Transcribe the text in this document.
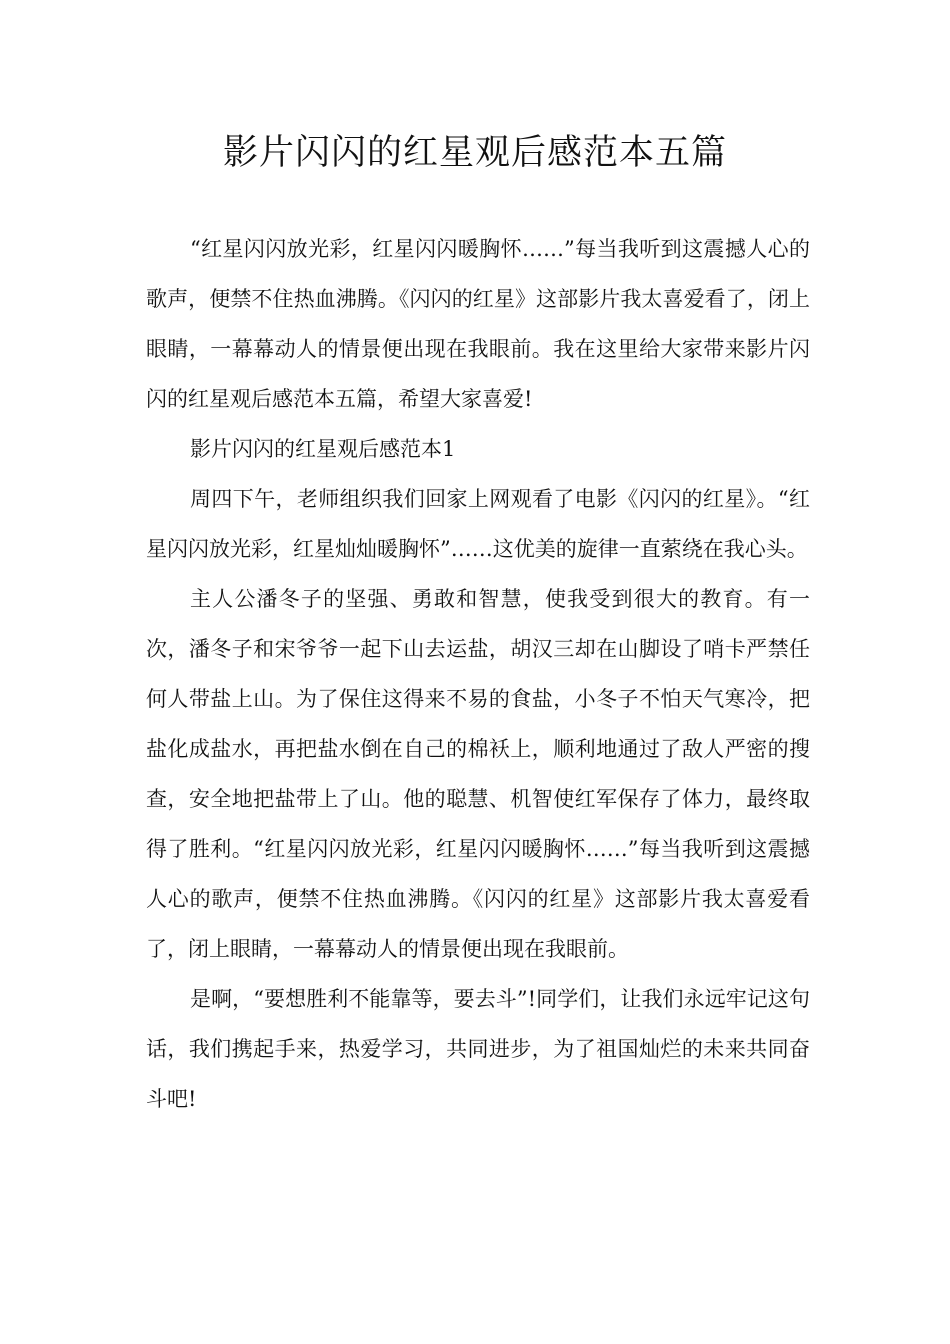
影片闪闪的红星观后感范本五篇

“红星闪闪放光彩，红星闪闪暖胸怀……”每当我听到这震撼人心的歌声，便禁不住热血沸腾。《闪闪的红星》这部影片我太喜爱看了，闭上眼睛，一幕幕动人的情景便出现在我眼前。我在这里给大家带来影片闪闪的红星观后感范本五篇，希望大家喜爱!

影片闪闪的红星观后感范本1

周四下午，老师组织我们回家上网观看了电影《闪闪的红星》。“红星闪闪放光彩，红星灿灿暖胸怀”……这优美的旋律一直萦绕在我心头。

主人公潘冬子的坚强、勇敢和智慧，使我受到很大的教育。有一次，潘冬子和宋爷爷一起下山去运盐，胡汉三却在山脚设了哨卡严禁任何人带盐上山。为了保住这得来不易的食盐，小冬子不怕天气寒冷，把盐化成盐水，再把盐水倒在自己的棉袄上，顺利地通过了敌人严密的搜查，安全地把盐带上了山。他的聪慧、机智使红军保存了体力，最终取得了胜利。“红星闪闪放光彩，红星闪闪暖胸怀……”每当我听到这震撼人心的歌声，便禁不住热血沸腾。《闪闪的红星》这部影片我太喜爱看了，闭上眼睛，一幕幕动人的情景便出现在我眼前。

是啊，“要想胜利不能靠等，要去斗”!同学们，让我们永远牢记这句话，我们携起手来，热爱学习，共同进步，为了祖国灿烂的未来共同奋斗吧!
